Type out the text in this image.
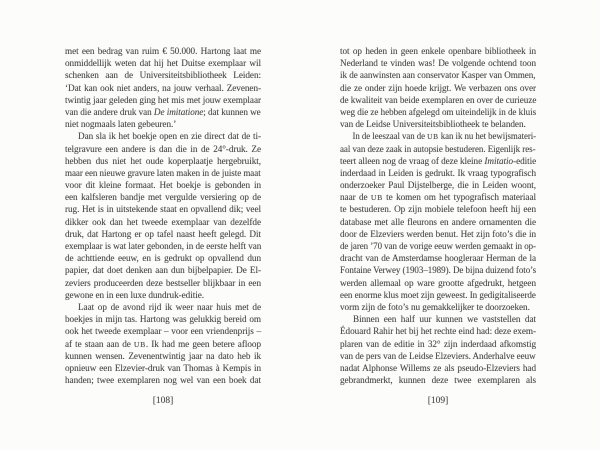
met een bedrag van ruim € 50.000. Hartong laat me
onmiddellijk weten dat hij het Duitse exemplaar wil
schenken aan de Universiteitsbibliotheek Leiden:
‘Dat kan ook niet anders, na jouw verhaal. Zevenen-
twintig jaar geleden ging het mis met jouw exemplaar
van die andere druk van De imitatione; dat kunnen we
niet nogmaals laten gebeuren.’
Dan sla ik het boekje open en zie direct dat de ti-
telgravure een andere is dan die in de 24°-druk. Ze
hebben dus niet het oude koperplaatje hergebruikt,
maar een nieuwe gravure laten maken in de juiste maat
voor dit kleine formaat. Het boekje is gebonden in
een kalfsleren bandje met vergulde versiering op de
rug. Het is in uitstekende staat en opvallend dik; veel
dikker ook dan het tweede exemplaar van dezelfde
druk, dat Hartong er op tafel naast heeft gelegd. Dit
exemplaar is wat later gebonden, in de eerste helft van
de achttiende eeuw, en is gedrukt op opvallend dun
papier, dat doet denken aan dun bijbelpapier. De El-
zeviers produceerden deze bestseller blijkbaar in een
gewone en in een luxe dundruk-editie.
Laat op de avond rijd ik weer naar huis met de
boekjes in mijn tas. Hartong was gelukkig bereid om
ook het tweede exemplaar – voor een vriendenprijs –
af te staan aan de UB. Ik had me geen betere afloop
kunnen wensen. Zevenentwintig jaar na dato heb ik
opnieuw een Elzevier-druk van Thomas à Kempis in
handen; twee exemplaren nog wel van een boek dat
[108]
tot op heden in geen enkele openbare bibliotheek in
Nederland te vinden was! De volgende ochtend toon
ik de aanwinsten aan conservator Kasper van Ommen,
die ze onder zijn hoede krijgt. We verbazen ons over
de kwaliteit van beide exemplaren en over de curieuze
weg die ze hebben afgelegd om uiteindelijk in de kluis
van de Leidse Universiteitsbibliotheek te belanden.
In de leeszaal van de UB kan ik nu het bewijsmateri-
aal van deze zaak in autopsie bestuderen. Eigenlijk res-
teert alleen nog de vraag of deze kleine Imitatio-editie
inderdaad in Leiden is gedrukt. Ik vraag typografisch
onderzoeker Paul Dijstelberge, die in Leiden woont,
naar de UB te komen om het typografisch materiaal
te bestuderen. Op zijn mobiele telefoon heeft hij een
database met alle fleurons en andere ornamenten die
door de Elzeviers werden benut. Het zijn foto’s die in
de jaren ’70 van de vorige eeuw werden gemaakt in op-
dracht van de Amsterdamse hoogleraar Herman de la
Fontaine Verwey (1903–1989). De bijna duizend foto’s
werden allemaal op ware grootte afgedrukt, hetgeen
een enorme klus moet zijn geweest. In gedigitaliseerde
vorm zijn de foto’s nu gemakkelijker te doorzoeken.
Binnen een half uur kunnen we vaststellen dat
Édouard Rahir het bij het rechte eind had: deze exem-
plaren van de editie in 32° zijn inderdaad afkomstig
van de pers van de Leidse Elzeviers. Anderhalve eeuw
nadat Alphonse Willems ze als pseudo-Elzeviers had
gebrandmerkt, kunnen deze twee exemplaren als
[109]
